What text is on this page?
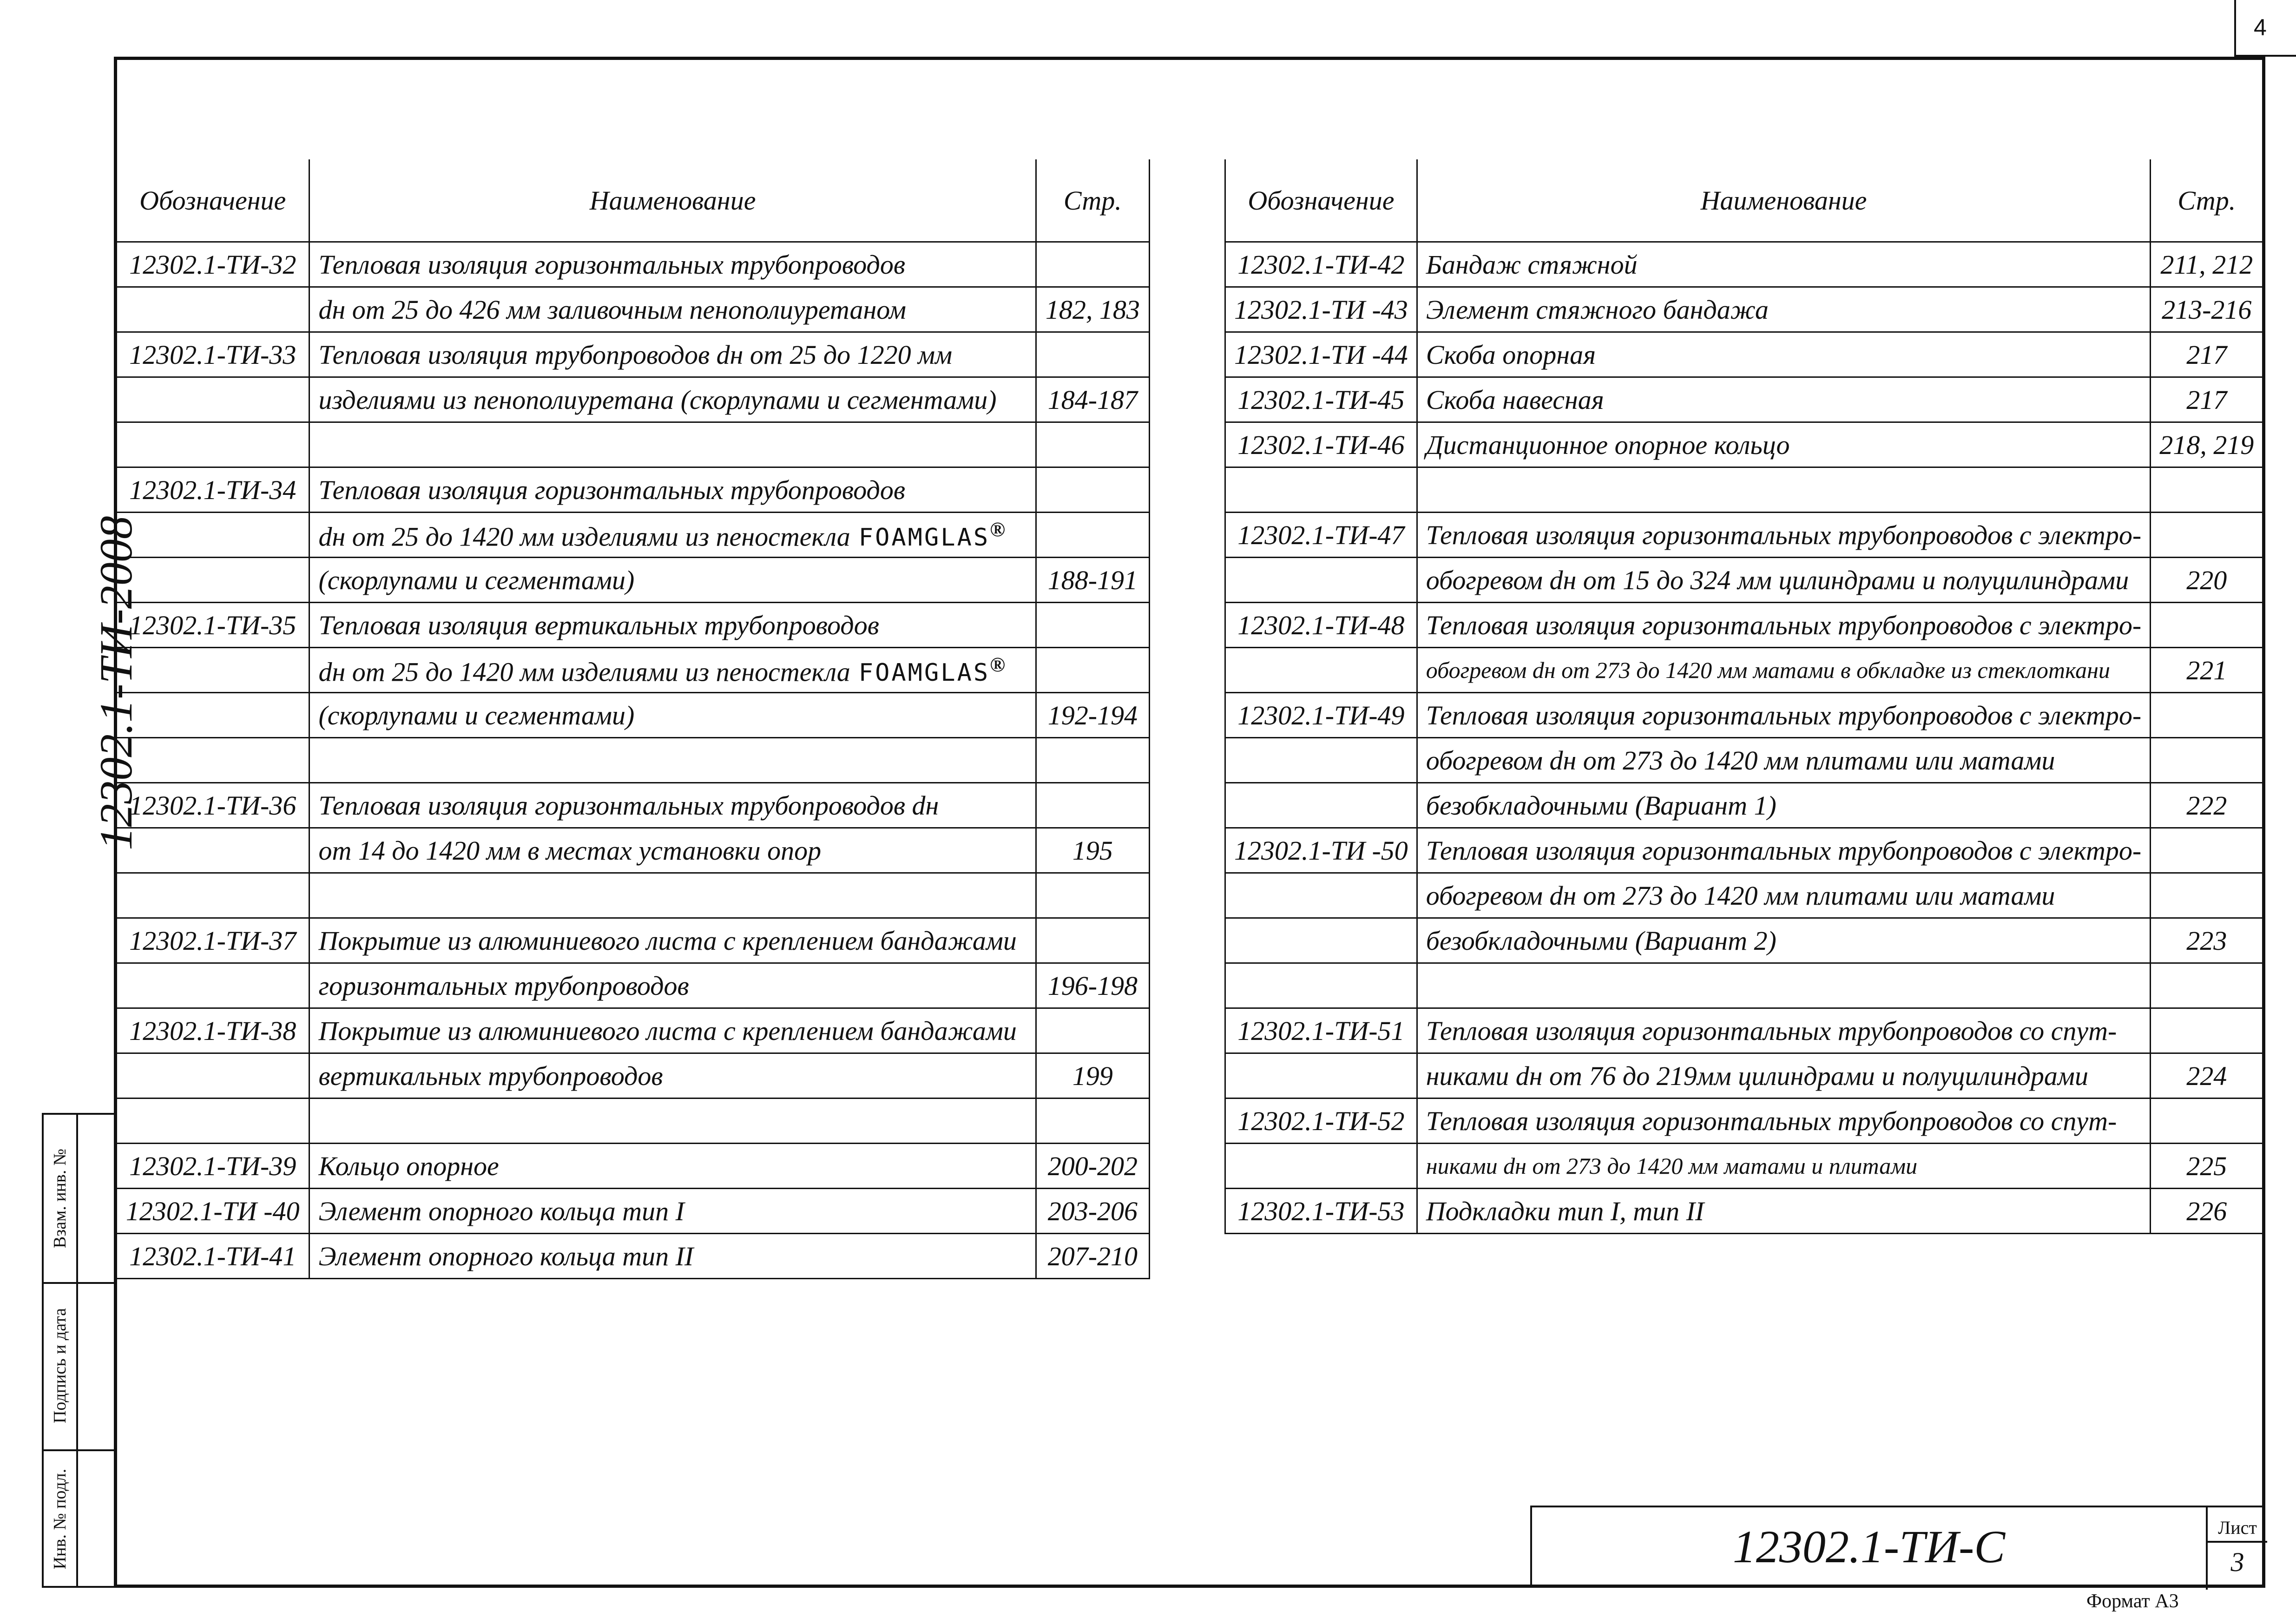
4
12302.1-ТИ-2008
Взам. инв. №
Подпись и дата
Инв. № подл.
Обозначение	Наименование	Стр.
12302.1-ТИ-32	Тепловая изоляция горизонтальных трубопроводов	
	dн от 25 до 426 мм заливочным пенополиуретаном	182, 183
12302.1-ТИ-33	Тепловая изоляция трубопроводов dн от 25 до 1220 мм	
	изделиями из пенополиуретана (скорлупами и сегментами)	184-187

12302.1-ТИ-34	Тепловая изоляция горизонтальных трубопроводов	
	dн от 25 до 1420 мм изделиями из пеностекла FOAMGLAS®	
	(скорлупами и сегментами)	188-191
12302.1-ТИ-35	Тепловая изоляция вертикальных трубопроводов	
	dн от 25 до 1420 мм изделиями из пеностекла FOAMGLAS®	
	(скорлупами и сегментами)	192-194

12302.1-ТИ-36	Тепловая изоляция горизонтальных трубопроводов dн	
	от 14 до 1420 мм в местах установки опор	195

12302.1-ТИ-37	Покрытие из алюминиевого листа с креплением бандажами	
	горизонтальных трубопроводов	196-198
12302.1-ТИ-38	Покрытие из алюминиевого листа с креплением бандажами	
	вертикальных трубопроводов	199

12302.1-ТИ-39	Кольцо опорное	200-202
12302.1-ТИ -40	Элемент опорного кольца тип I	203-206
12302.1-ТИ-41	Элемент опорного кольца тип II	207-210
Обозначение	Наименование	Стр.
12302.1-ТИ-42	Бандаж стяжной	211, 212
12302.1-ТИ -43	Элемент стяжного бандажа	213-216
12302.1-ТИ -44	Скоба опорная	217
12302.1-ТИ-45	Скоба навесная	217
12302.1-ТИ-46	Дистанционное опорное кольцо	218, 219

12302.1-ТИ-47	Тепловая изоляция горизонтальных трубопроводов с электро-	
	обогревом dн от 15 до 324 мм цилиндрами и полуцилиндрами	220
12302.1-ТИ-48	Тепловая изоляция горизонтальных трубопроводов с электро-	
	обогревом dн от 273 до 1420 мм матами в обкладке из стеклоткани	221
12302.1-ТИ-49	Тепловая изоляция горизонтальных трубопроводов с электро-	
	обогревом dн от 273 до 1420 мм плитами или матами	
	безобкладочными (Вариант 1)	222
12302.1-ТИ -50	Тепловая изоляция горизонтальных трубопроводов с электро-	
	обогревом dн от 273 до 1420 мм плитами или матами	
	безобкладочными (Вариант 2)	223

12302.1-ТИ-51	Тепловая изоляция горизонтальных трубопроводов со спут-	
	никами dн от 76 до 219мм цилиндрами и полуцилиндрами	224
12302.1-ТИ-52	Тепловая изоляция горизонтальных трубопроводов со спут-	
	никами dн от 273 до 1420 мм матами и плитами	225
12302.1-ТИ-53	Подкладки тип I, тип II	226
12302.1-ТИ-С	Лист
3
Формат А3
